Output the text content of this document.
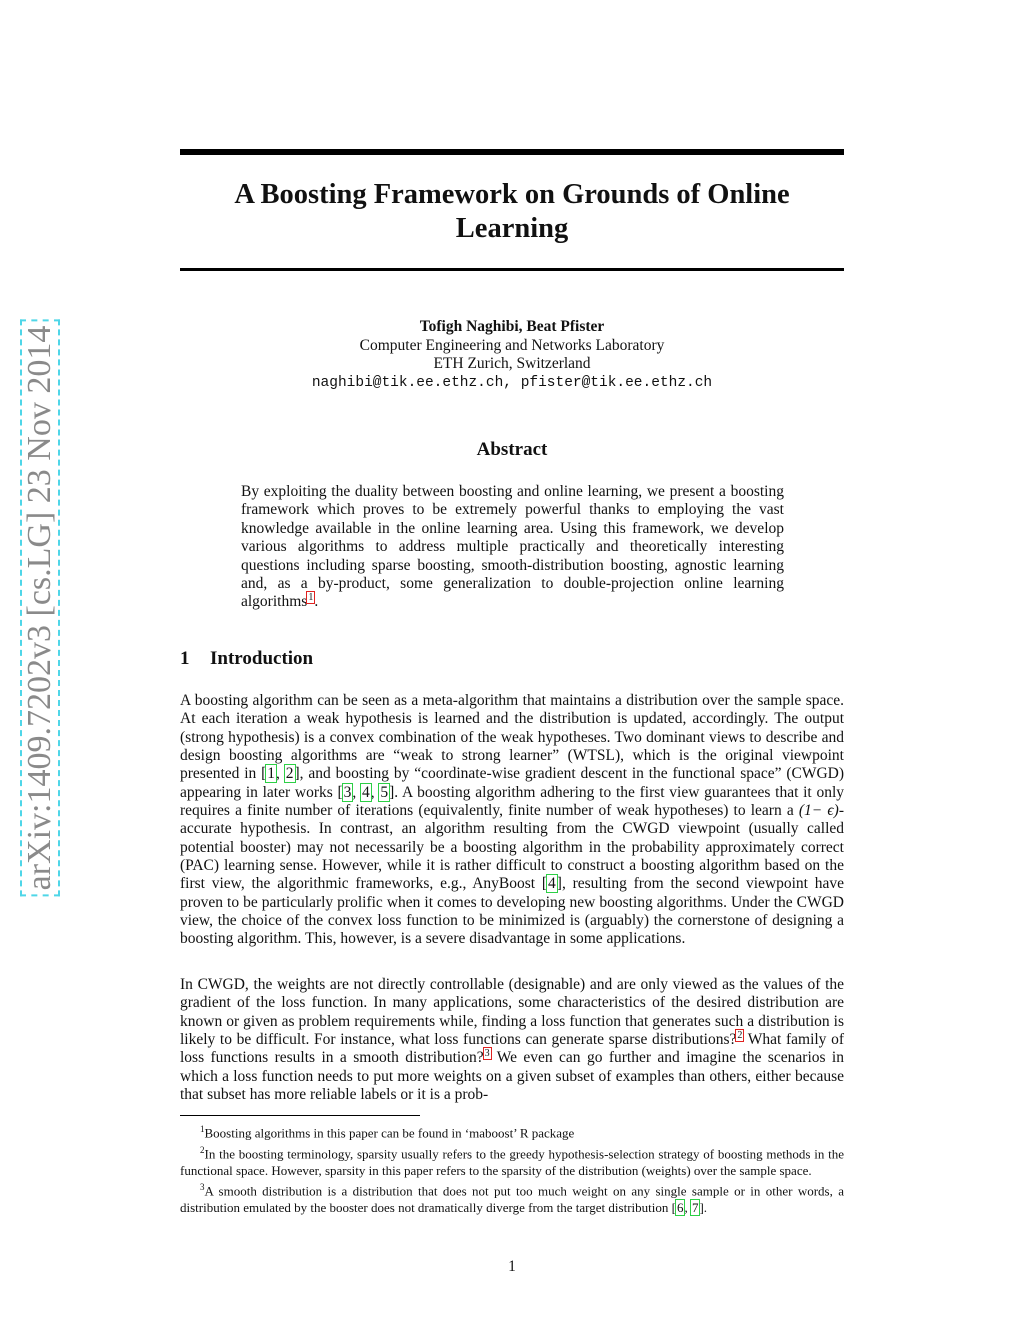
arXiv:1409.7202v3 [cs.LG] 23 Nov 2014
A Boosting Framework on Grounds of Online Learning
Tofigh Naghibi, Beat Pfister
Computer Engineering and Networks Laboratory
ETH Zurich, Switzerland
naghibi@tik.ee.ethz.ch, pfister@tik.ee.ethz.ch
Abstract
By exploiting the duality between boosting and online learning, we present a boosting framework which proves to be extremely powerful thanks to employing the vast knowledge available in the online learning area. Using this framework, we develop various algorithms to address multiple practically and theoretically interesting questions including sparse boosting, smooth-distribution boosting, agnostic learning and, as a by-product, some generalization to double-projection online learning algorithms$^1$.
1 Introduction
A boosting algorithm can be seen as a meta-algorithm that maintains a distribution over the sample space. At each iteration a weak hypothesis is learned and the distribution is updated, accordingly. The output (strong hypothesis) is a convex combination of the weak hypotheses. Two dominant views to describe and design boosting algorithms are “weak to strong learner” (WTSL), which is the original viewpoint presented in [1, 2], and boosting by “coordinate-wise gradient descent in the functional space” (CWGD) appearing in later works [3, 4, 5]. A boosting algorithm adhering to the first view guarantees that it only requires a finite number of iterations (equivalently, finite number of weak hypotheses) to learn a (1− ϵ)-accurate hypothesis. In contrast, an algorithm resulting from the CWGD viewpoint (usually called potential booster) may not necessarily be a boosting algorithm in the probability approximately correct (PAC) learning sense. However, while it is rather difficult to construct a boosting algorithm based on the first view, the algorithmic frameworks, e.g., AnyBoost [4], resulting from the second viewpoint have proven to be particularly prolific when it comes to developing new boosting algorithms. Under the CWGD view, the choice of the convex loss function to be minimized is (arguably) the cornerstone of designing a boosting algorithm. This, however, is a severe disadvantage in some applications.
In CWGD, the weights are not directly controllable (designable) and are only viewed as the values of the gradient of the loss function. In many applications, some characteristics of the desired distribution are known or given as problem requirements while, finding a loss function that generates such a distribution is likely to be difficult. For instance, what loss functions can generate sparse distributions?$^2$ What family of loss functions results in a smooth distribution?$^3$ We even can go further and imagine the scenarios in which a loss function needs to put more weights on a given subset of examples than others, either because that subset has more reliable labels or it is a prob-

$^1$Boosting algorithms in this paper can be found in ‘maboost’ R package

$^2$In the boosting terminology, sparsity usually refers to the greedy hypothesis-selection strategy of boosting methods in the functional space. However, sparsity in this paper refers to the sparsity of the distribution (weights) over the sample space.

$^3$A smooth distribution is a distribution that does not put too much weight on any single sample or in other words, a distribution emulated by the booster does not dramatically diverge from the target distribution [6, 7].

1
